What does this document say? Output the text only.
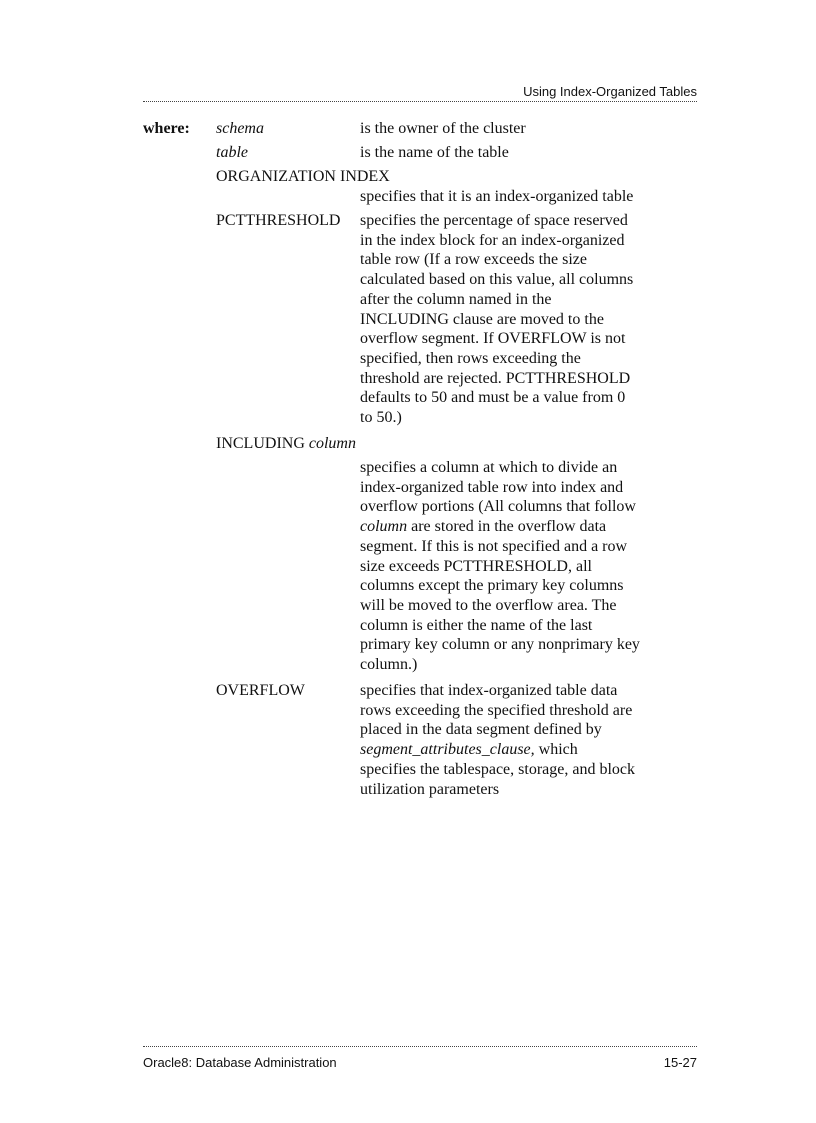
Using Index-Organized Tables
where: schema	is the owner of the cluster
table	is the name of the table
ORGANIZATION INDEX
specifies that it is an index-organized table
PCTTHRESHOLD specifies the percentage of space reserved
in the index block for an index-organized
table row (If a row exceeds the size
calculated based on this value, all columns
after the column named in the
INCLUDING clause are moved to the
overflow segment. If OVERFLOW is not
specified, then rows exceeding the
threshold are rejected. PCTTHRESHOLD
defaults to 50 and must be a value from 0
to 50.)
INCLUDING column
specifies a column at which to divide an
index-organized table row into index and
overflow portions (All columns that follow
column are stored in the overflow data
segment. If this is not specified and a row
size exceeds PCTTHRESHOLD, all
columns except the primary key columns
will be moved to the overflow area. The
column is either the name of the last
primary key column or any nonprimary key
column.)
OVERFLOW	specifies that index-organized table data
rows exceeding the specified threshold are
placed in the data segment defined by
segment_attributes_clause, which
specifies the tablespace, storage, and block
utilization parameters
Oracle8: Database Administration	15-27
